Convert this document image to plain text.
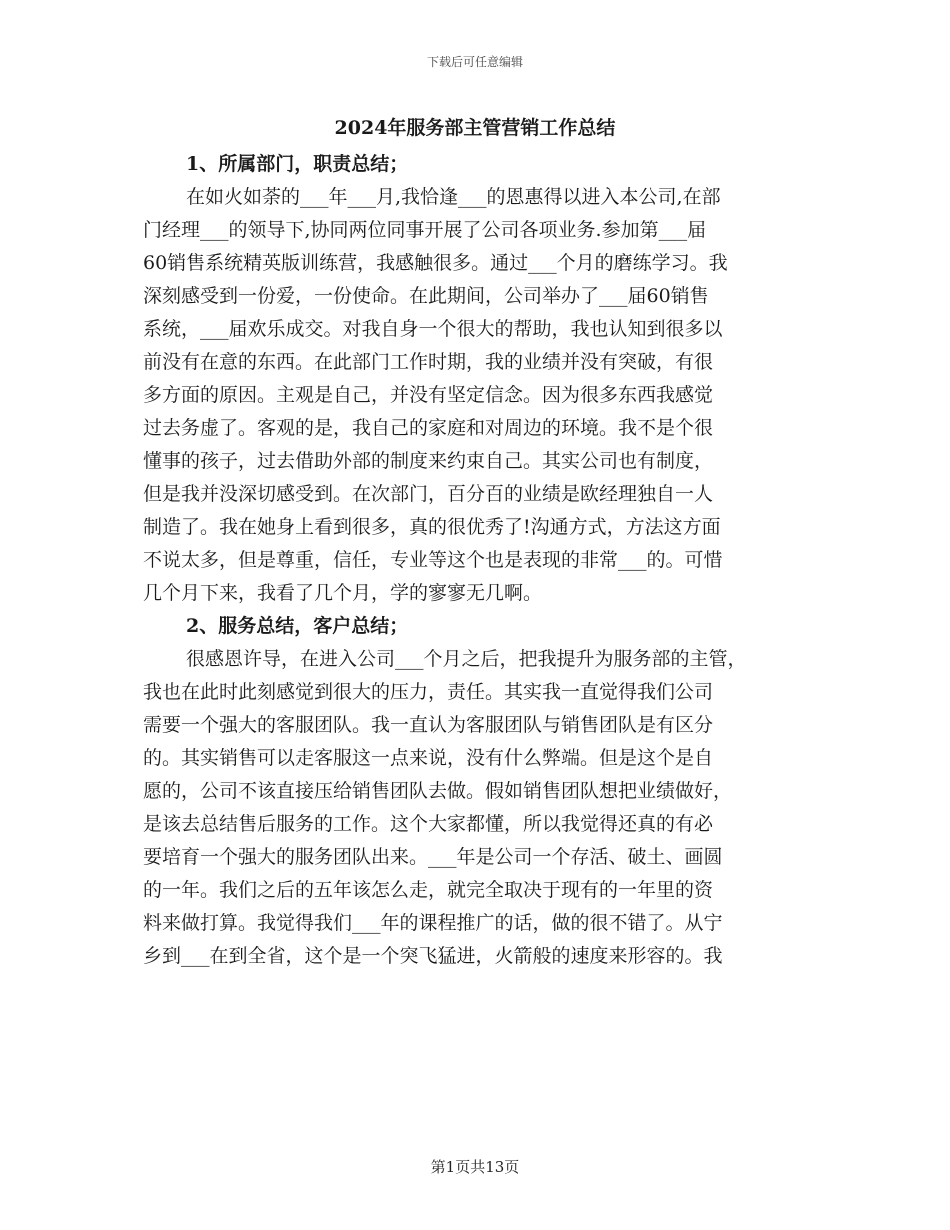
下载后可任意编辑
2024年服务部主管营销工作总结
1、所属部门，职责总结；
在如火如荼的___年___月,我恰逢___的恩惠得以进入本公司,在部
门经理___的领导下,协同两位同事开展了公司各项业务.参加第___届
60销售系统精英版训练营，我感触很多。通过___个月的磨练学习。我
深刻感受到一份爱，一份使命。在此期间，公司举办了___届60销售
系统，___届欢乐成交。对我自身一个很大的帮助，我也认知到很多以
前没有在意的东西。在此部门工作时期，我的业绩并没有突破，有很
多方面的原因。主观是自己，并没有坚定信念。因为很多东西我感觉
过去务虚了。客观的是，我自己的家庭和对周边的环境。我不是个很
懂事的孩子，过去借助外部的制度来约束自己。其实公司也有制度，
但是我并没深切感受到。在次部门，百分百的业绩是欧经理独自一人
制造了。我在她身上看到很多，真的很优秀了!沟通方式，方法这方面
不说太多，但是尊重，信任，专业等这个也是表现的非常___的。可惜
几个月下来，我看了几个月，学的寥寥无几啊。
2、服务总结，客户总结；
很感恩许导，在进入公司___个月之后，把我提升为服务部的主管，
我也在此时此刻感觉到很大的压力，责任。其实我一直觉得我们公司
需要一个强大的客服团队。我一直认为客服团队与销售团队是有区分
的。其实销售可以走客服这一点来说，没有什么弊端。但是这个是自
愿的，公司不该直接压给销售团队去做。假如销售团队想把业绩做好，
是该去总结售后服务的工作。这个大家都懂，所以我觉得还真的有必
要培育一个强大的服务团队出来。___年是公司一个存活、破土、画圆
的一年。我们之后的五年该怎么走，就完全取决于现有的一年里的资
料来做打算。我觉得我们___年的课程推广的话，做的很不错了。从宁
乡到___在到全省，这个是一个突飞猛进，火箭般的速度来形容的。我
第1页共13页
